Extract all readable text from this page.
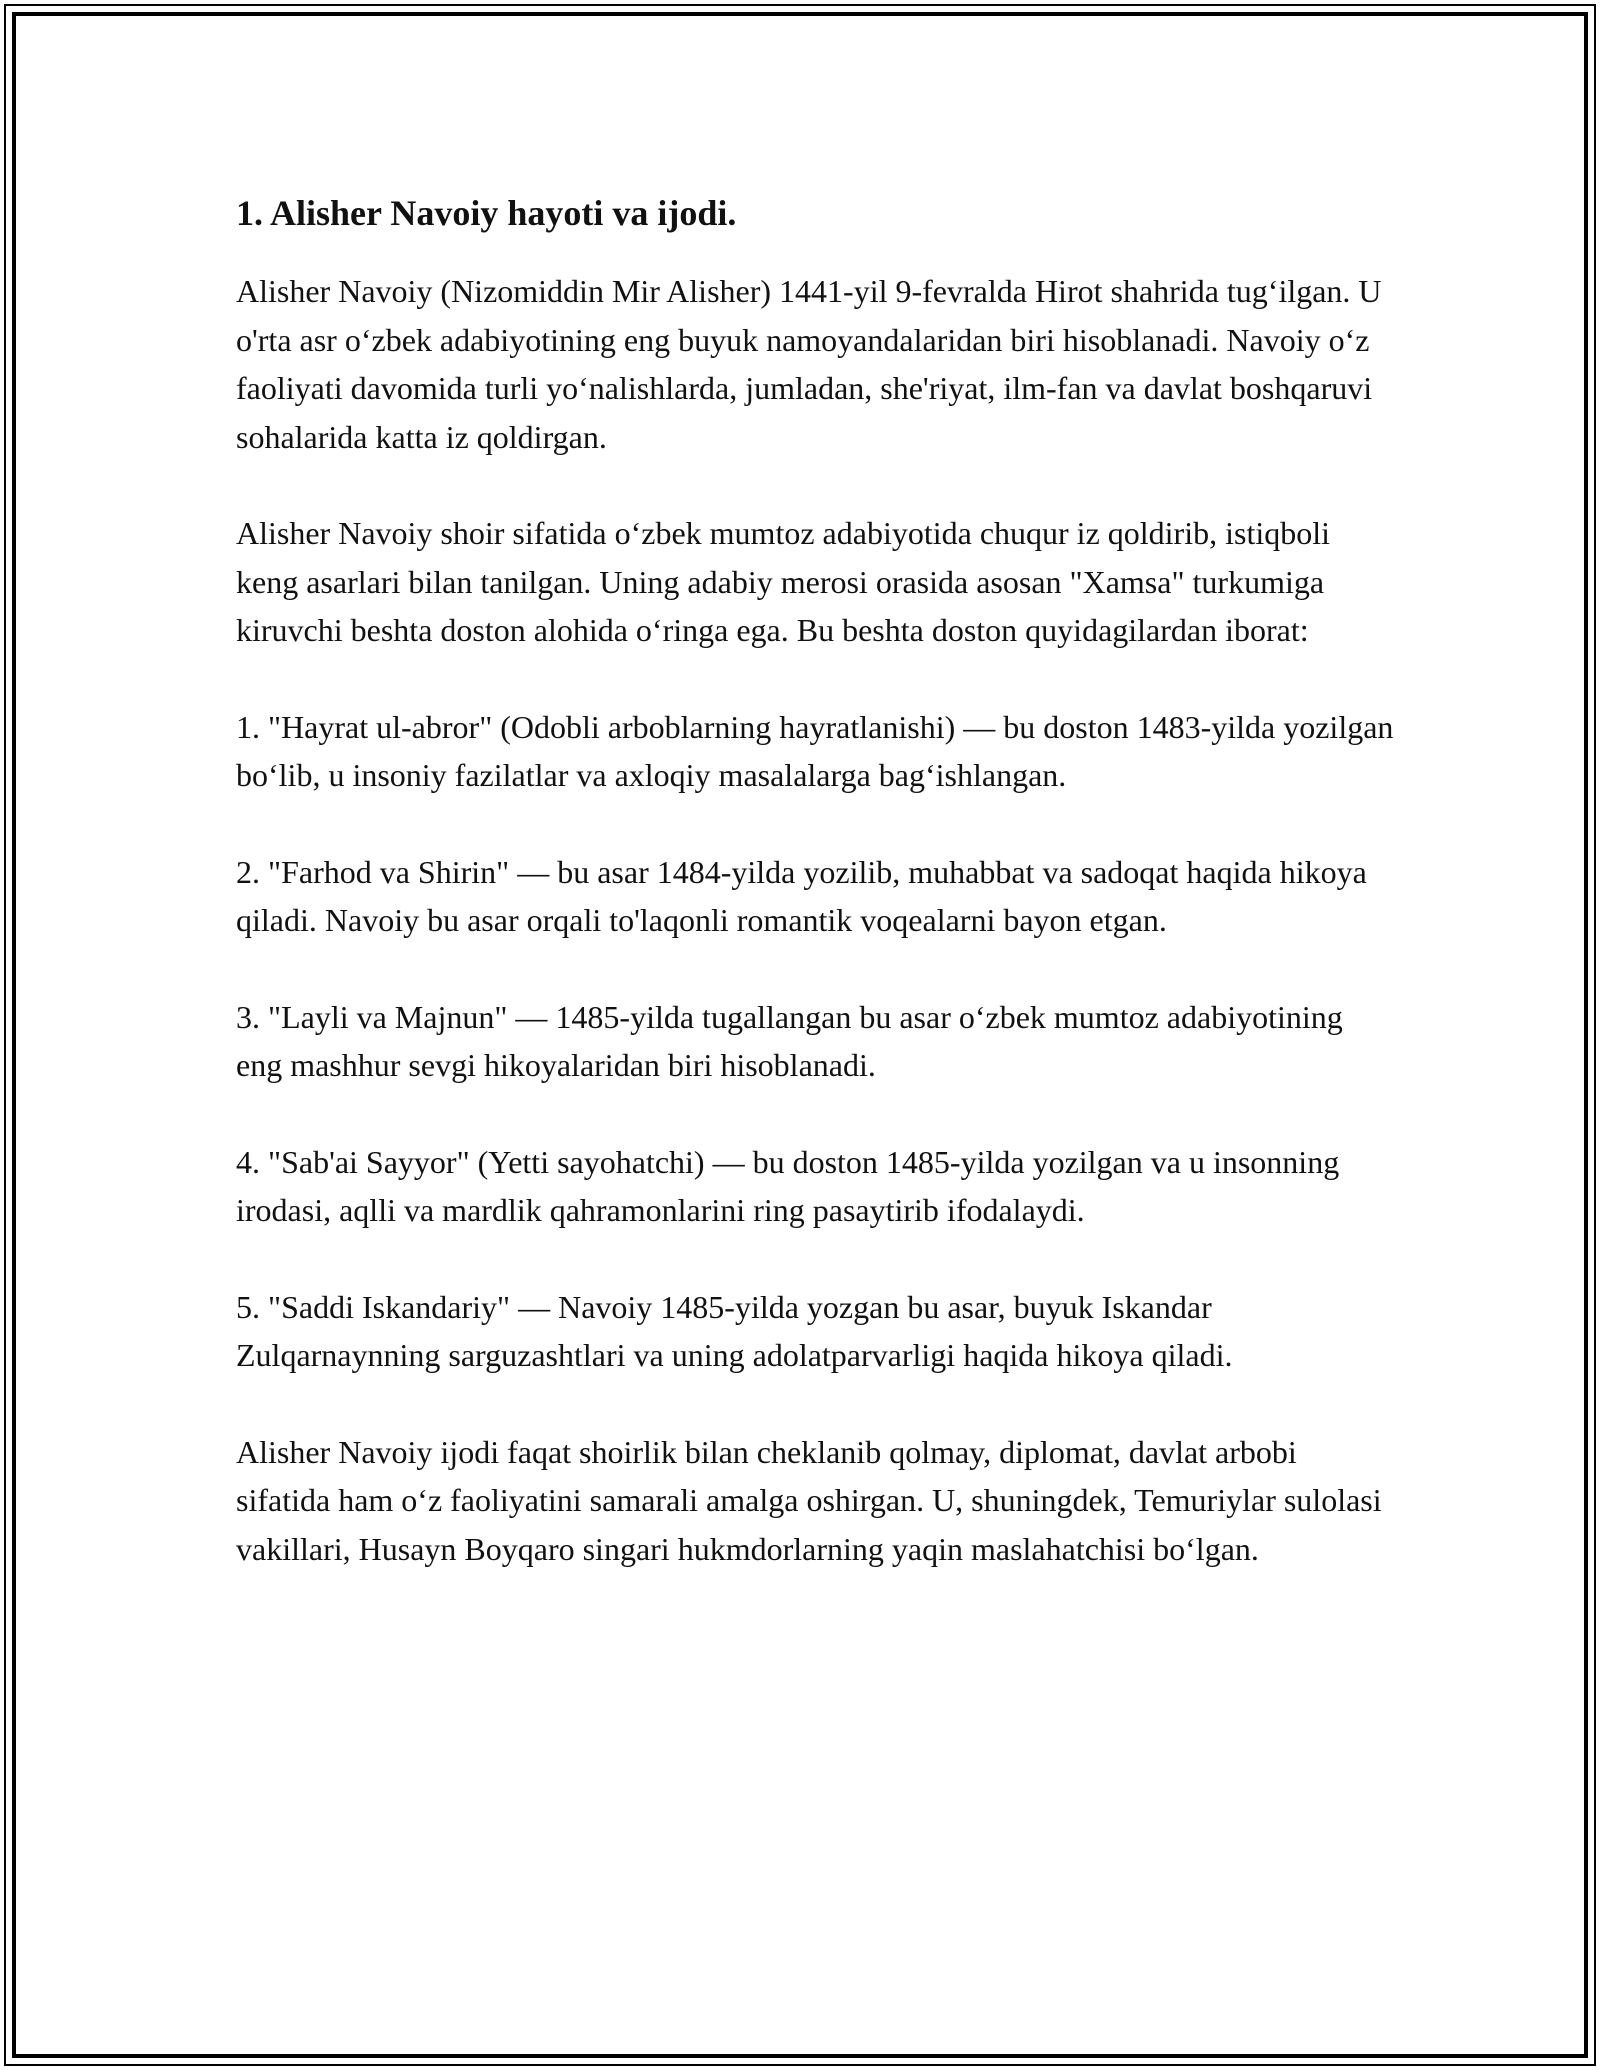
1. Alisher Navoiy hayoti va ijodi.

Alisher Navoiy (Nizomiddin Mir Alisher) 1441-yil 9-fevralda Hirot shahrida tug‘ilgan. U o'rta asr o‘zbek adabiyotining eng buyuk namoyandalaridan biri hisoblanadi. Navoiy o‘z faoliyati davomida turli yo‘nalishlarda, jumladan, she'riyat, ilm-fan va davlat boshqaruvi sohalarida katta iz qoldirgan.

Alisher Navoiy shoir sifatida o‘zbek mumtoz adabiyotida chuqur iz qoldirib, istiqboli keng asarlari bilan tanilgan. Uning adabiy merosi orasida asosan "Xamsa" turkumiga kiruvchi beshta doston alohida o‘ringa ega. Bu beshta doston quyidagilardan iborat:

1. "Hayrat ul-abror" (Odobli arboblarning hayratlanishi) — bu doston 1483-yilda yozilgan bo‘lib, u insoniy fazilatlar va axloqiy masalalarga bag‘ishlangan.

2. "Farhod va Shirin" — bu asar 1484-yilda yozilib, muhabbat va sadoqat haqida hikoya qiladi. Navoiy bu asar orqali to'laqonli romantik voqealarni bayon etgan.

3. "Layli va Majnun" — 1485-yilda tugallangan bu asar o‘zbek mumtoz adabiyotining eng mashhur sevgi hikoyalaridan biri hisoblanadi.

4. "Sab'ai Sayyor" (Yetti sayohatchi) — bu doston 1485-yilda yozilgan va u insonning irodasi, aqlli va mardlik qahramonlarini ring pasaytirib ifodalaydi.

5. "Saddi Iskandariy" — Navoiy 1485-yilda yozgan bu asar, buyuk Iskandar Zulqarnaynning sarguzashtlari va uning adolatparvarligi haqida hikoya qiladi.

Alisher Navoiy ijodi faqat shoirlik bilan cheklanib qolmay, diplomat, davlat arbobi sifatida ham o‘z faoliyatini samarali amalga oshirgan. U, shuningdek, Temuriylar sulolasi vakillari, Husayn Boyqaro singari hukmdorlarning yaqin maslahatchisi bo‘lgan.
